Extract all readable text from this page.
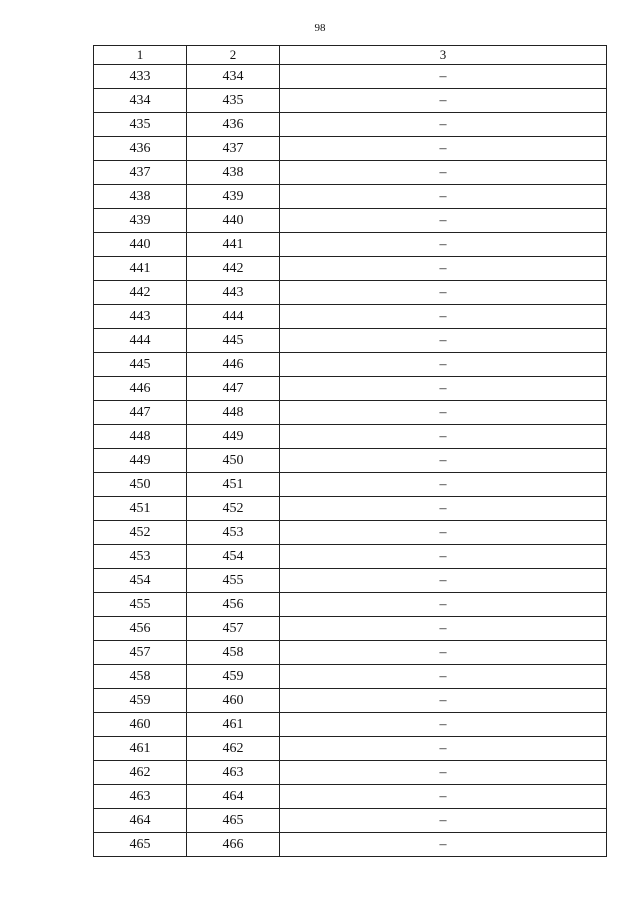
98
1	2	3
433	434	–
434	435	–
435	436	–
436	437	–
437	438	–
438	439	–
439	440	–
440	441	–
441	442	–
442	443	–
443	444	–
444	445	–
445	446	–
446	447	–
447	448	–
448	449	–
449	450	–
450	451	–
451	452	–
452	453	–
453	454	–
454	455	–
455	456	–
456	457	–
457	458	–
458	459	–
459	460	–
460	461	–
461	462	–
462	463	–
463	464	–
464	465	–
465	466	–
